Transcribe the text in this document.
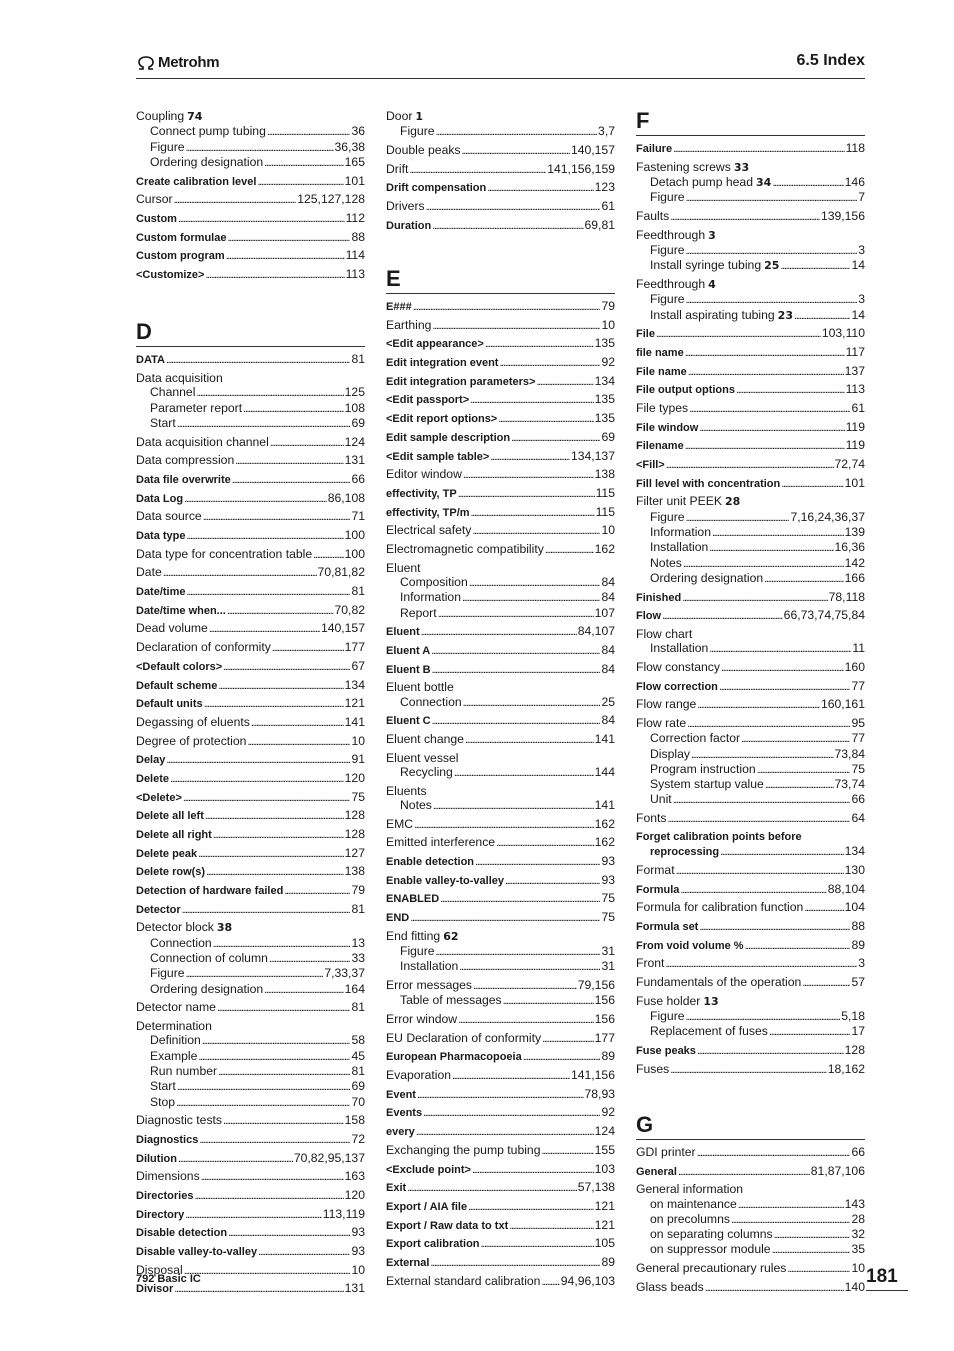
Metrohm	6.5 Index
Coupling 74
Connect pump tubing . . .	36
Figure . . .	36,38
Ordering designation . . .	165
Create calibration level . . .	101
Cursor . . .	125,127,128
Custom . . .	112
Custom formulae . . .	88
Custom program . . .	114
<Customize> . . .	113
D
DATA . . .	81
Data acquisition
Channel . . .	125
Parameter report . . .	108
Start . . .	69
Data acquisition channel . . .	124
Data compression . . .	131
Data file overwrite . . .	66
Data Log . . .	86,108
Data source . . .	71
Data type . . .	100
Data type for concentration table . . .	100
Date . . .	70,81,82
Date/time . . .	81
Date/time when... . . .	70,82
Dead volume . . .	140,157
Declaration of conformity . . .	177
<Default colors> . . .	67
Default scheme . . .	134
Default units . . .	121
Degassing of eluents . . .	141
Degree of protection . . .	10
Delay . . .	91
Delete . . .	120
<Delete> . . .	75
Delete all left . . .	128
Delete all right . . .	128
Delete peak . . .	127
Delete row(s) . . .	138
Detection of hardware failed . . .	79
Detector . . .	81
Detector block 38
Connection . . .	13
Connection of column . . .	33
Figure . . .	7,33,37
Ordering designation . . .	164
Detector name . . .	81
Determination
Definition . . .	58
Example . . .	45
Run number . . .	81
Start . . .	69
Stop . . .	70
Diagnostic tests . . .	158
Diagnostics . . .	72
Dilution . . .	70,82,95,137
Dimensions . . .	163
Directories . . .	120
Directory . . .	113,119
Disable detection . . .	93
Disable valley-to-valley . . .	93
Disposal . . .	10
Divisor . . .	131
Door 1
Figure . . .	3,7
Double peaks . . .	140,157
Drift . . .	141,156,159
Drift compensation . . .	123
Drivers . . .	61
Duration . . .	69,81
E
E### . . .	79
Earthing . . .	10
<Edit appearance> . . .	135
Edit integration event . . .	92
Edit integration parameters> . . .	134
<Edit passport> . . .	135
<Edit report options> . . .	135
Edit sample description . . .	69
<Edit sample table> . . .	134,137
Editor window . . .	138
effectivity, TP . . .	115
effectivity, TP/m . . .	115
Electrical safety . . .	10
Electromagnetic compatibility . . .	162
Eluent
Composition . . .	84
Information . . .	84
Report . . .	107
Eluent . . .	84,107
Eluent A . . .	84
Eluent B . . .	84
Eluent bottle
Connection . . .	25
Eluent C . . .	84
Eluent change . . .	141
Eluent vessel
Recycling . . .	144
Eluents
Notes . . .	141
EMC . . .	162
Emitted interference . . .	162
Enable detection . . .	93
Enable valley-to-valley . . .	93
ENABLED . . .	75
END . . .	75
End fitting 62
Figure . . .	31
Installation . . .	31
Error messages . . .	79,156
Table of messages . . .	156
Error window . . .	156
EU Declaration of conformity . . .	177
European Pharmacopoeia . . .	89
Evaporation . . .	141,156
Event . . .	78,93
Events . . .	92
every . . .	124
Exchanging the pump tubing . . .	155
<Exclude point> . . .	103
Exit . . .	57,138
Export / AIA file . . .	121
Export / Raw data to txt . . .	121
Export calibration . . .	105
External . . .	89
External standard calibration . . . 94,96,103
F
Failure . . .	118
Fastening screws 33
Detach pump head 34 . . .	146
Figure . . .	7
Faults . . .	139,156
Feedthrough 3
Figure . . .	3
Install syringe tubing 25 . . .	14
Feedthrough 4
Figure . . .	3
Install aspirating tubing 23 . . .	14
File . . .	103,110
file name . . .	117
File name . . .	137
File output options . . .	113
File types . . .	61
File window . . .	119
Filename . . .	119
<Fill> . . .	72,74
Fill level with concentration . . .	101
Filter unit PEEK 28
Figure . . .	7,16,24,36,37
Information . . .	139
Installation . . .	16,36
Notes . . .	142
Ordering designation . . .	166
Finished . . .	78,118
Flow . . .	66,73,74,75,84
Flow chart
Installation . . .	11
Flow constancy . . .	160
Flow correction . . .	77
Flow range . . .	160,161
Flow rate . . .	95
Correction factor . . .	77
Display . . .	73,84
Program instruction . . .	75
System startup value . . .	73,74
Unit . . .	66
Fonts . . .	64
Forget calibration points before
reprocessing . . .	134
Format . . .	130
Formula . . .	88,104
Formula for calibration function . . .	104
Formula set . . .	88
From void volume % . . .	89
Front . . .	3
Fundamentals of the operation . . .	57
Fuse holder 13
Figure . . .	5,18
Replacement of fuses . . .	17
Fuse peaks . . .	128
Fuses . . .	18,162
G
GDI printer . . .	66
General . . .	81,87,106
General information
on maintenance . . .	143
on precolumns . . .	28
on separating columns . . .	32
on suppressor module . . .	35
General precautionary rules . . .	10
Glass beads . . .	140
792 Basic IC	181
